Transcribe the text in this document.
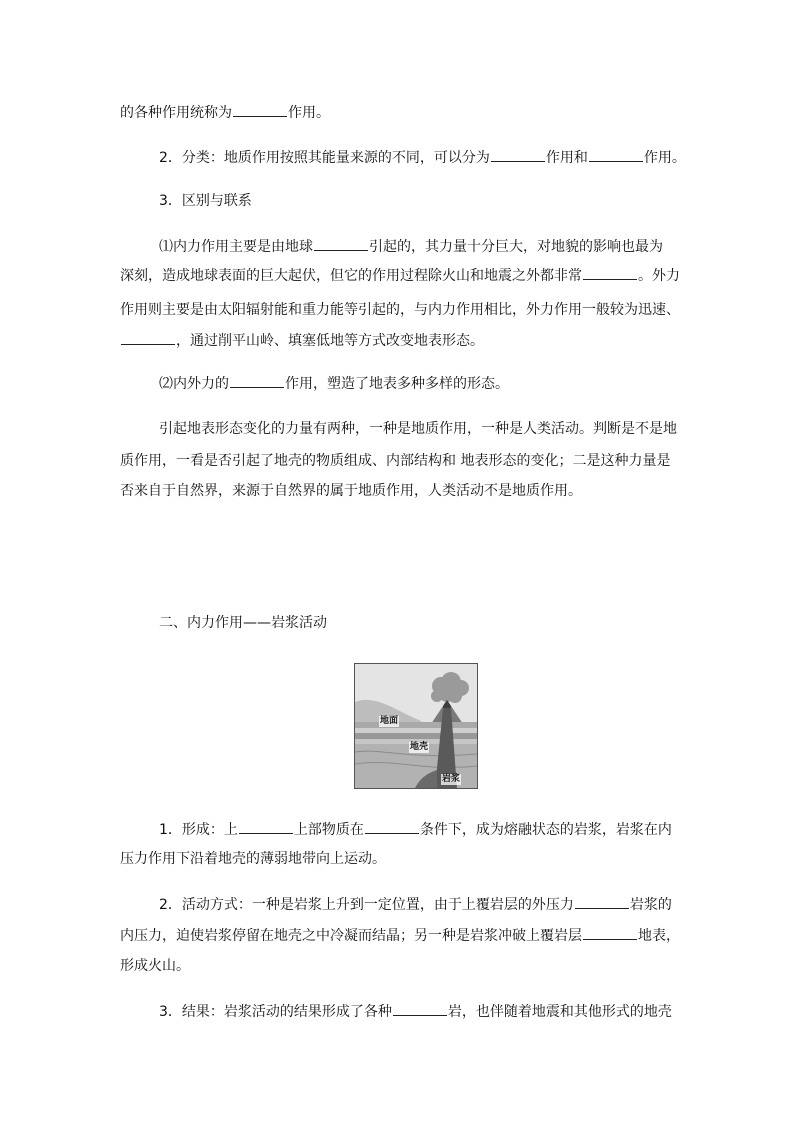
的各种作用统称为	作用。
2．分类：地质作用按照其能量来源的不同，可以分为	作用和	作用。
3．区别与联系
⑴内力作用主要是由地球	引起的，其力量十分巨大，对地貌的影响也最为
深刻，造成地球表面的巨大起伏，但它的作用过程除火山和地震之外都非常	。外力
作用则主要是由太阳辐射能和重力能等引起的，与内力作用相比，外力作用一般较为迅速、
，通过削平山岭、填塞低地等方式改变地表形态。
⑵内外力的	作用，塑造了地表多种多样的形态。
引起地表形态变化的力量有两种，一种是地质作用，一种是人类活动。判断是不是地
质作用，一看是否引起了地壳的物质组成、内部结构和 地表形态的变化；二是这种力量是
否来自于自然界，来源于自然界的属于地质作用，人类活动不是地质作用。
二、内力作用——岩浆活动
地面
地壳
岩浆
1．形成：上	上部物质在	条件下，成为熔融状态的岩浆，岩浆在内
压力作用下沿着地壳的薄弱地带向上运动。
2．活动方式：一种是岩浆上升到一定位置，由于上覆岩层的外压力	岩浆的
内压力，迫使岩浆停留在地壳之中冷凝而结晶；另一种是岩浆冲破上覆岩层	地表，
形成火山。
3．结果：岩浆活动的结果形成了各种	岩，也伴随着地震和其他形式的地壳
